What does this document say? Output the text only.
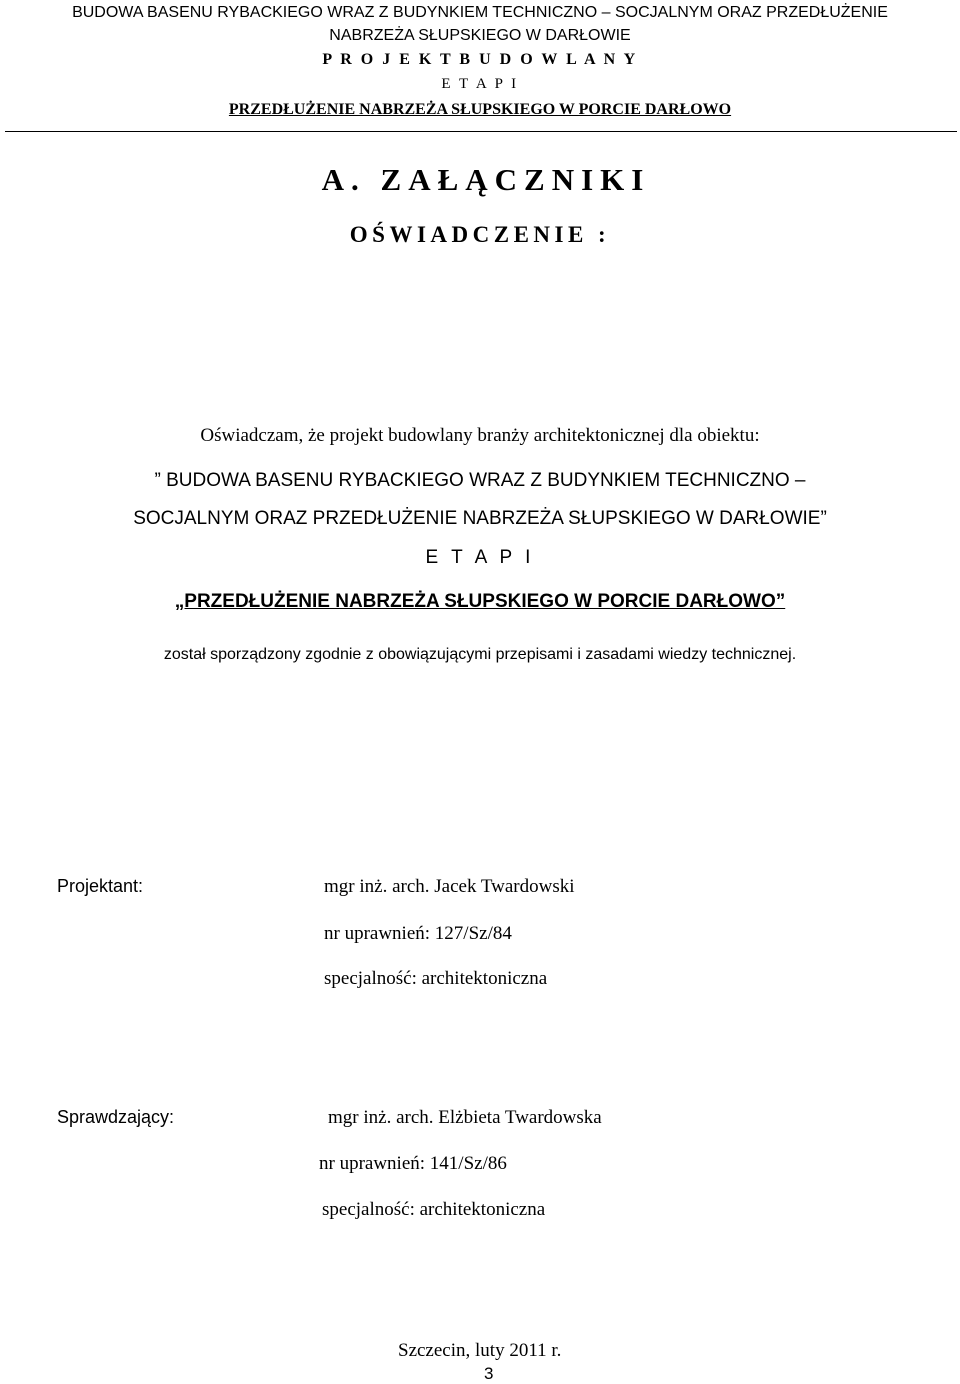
BUDOWA BASENU RYBACKIEGO WRAZ Z BUDYNKIEM TECHNICZNO – SOCJALNYM ORAZ PRZEDŁUŻENIE
NABRZEŻA SŁUPSKIEGO W DARŁOWIE
P R O J E K T B U D O W L A N Y
E T A P I
PRZEDŁUŻENIE NABRZEŻA SŁUPSKIEGO W PORCIE DARŁOWO
A. ZAŁĄCZNIKI
OŚWIADCZENIE :
Oświadczam, że projekt budowlany branży architektonicznej dla obiektu:
” BUDOWA BASENU RYBACKIEGO WRAZ Z BUDYNKIEM TECHNICZNO –
SOCJALNYM ORAZ PRZEDŁUŻENIE NABRZEŻA SŁUPSKIEGO W DARŁOWIE”
E T A P I
„PRZEDŁUŻENIE NABRZEŻA SŁUPSKIEGO W PORCIE DARŁOWO”
został sporządzony zgodnie z obowiązującymi przepisami i zasadami wiedzy technicznej.
Projektant:	mgr inż. arch. Jacek Twardowski
nr uprawnień: 127/Sz/84
specjalność: architektoniczna
Sprawdzający:	mgr inż. arch. Elżbieta Twardowska
nr uprawnień: 141/Sz/86
specjalność: architektoniczna
Szczecin, luty 2011 r.
3
